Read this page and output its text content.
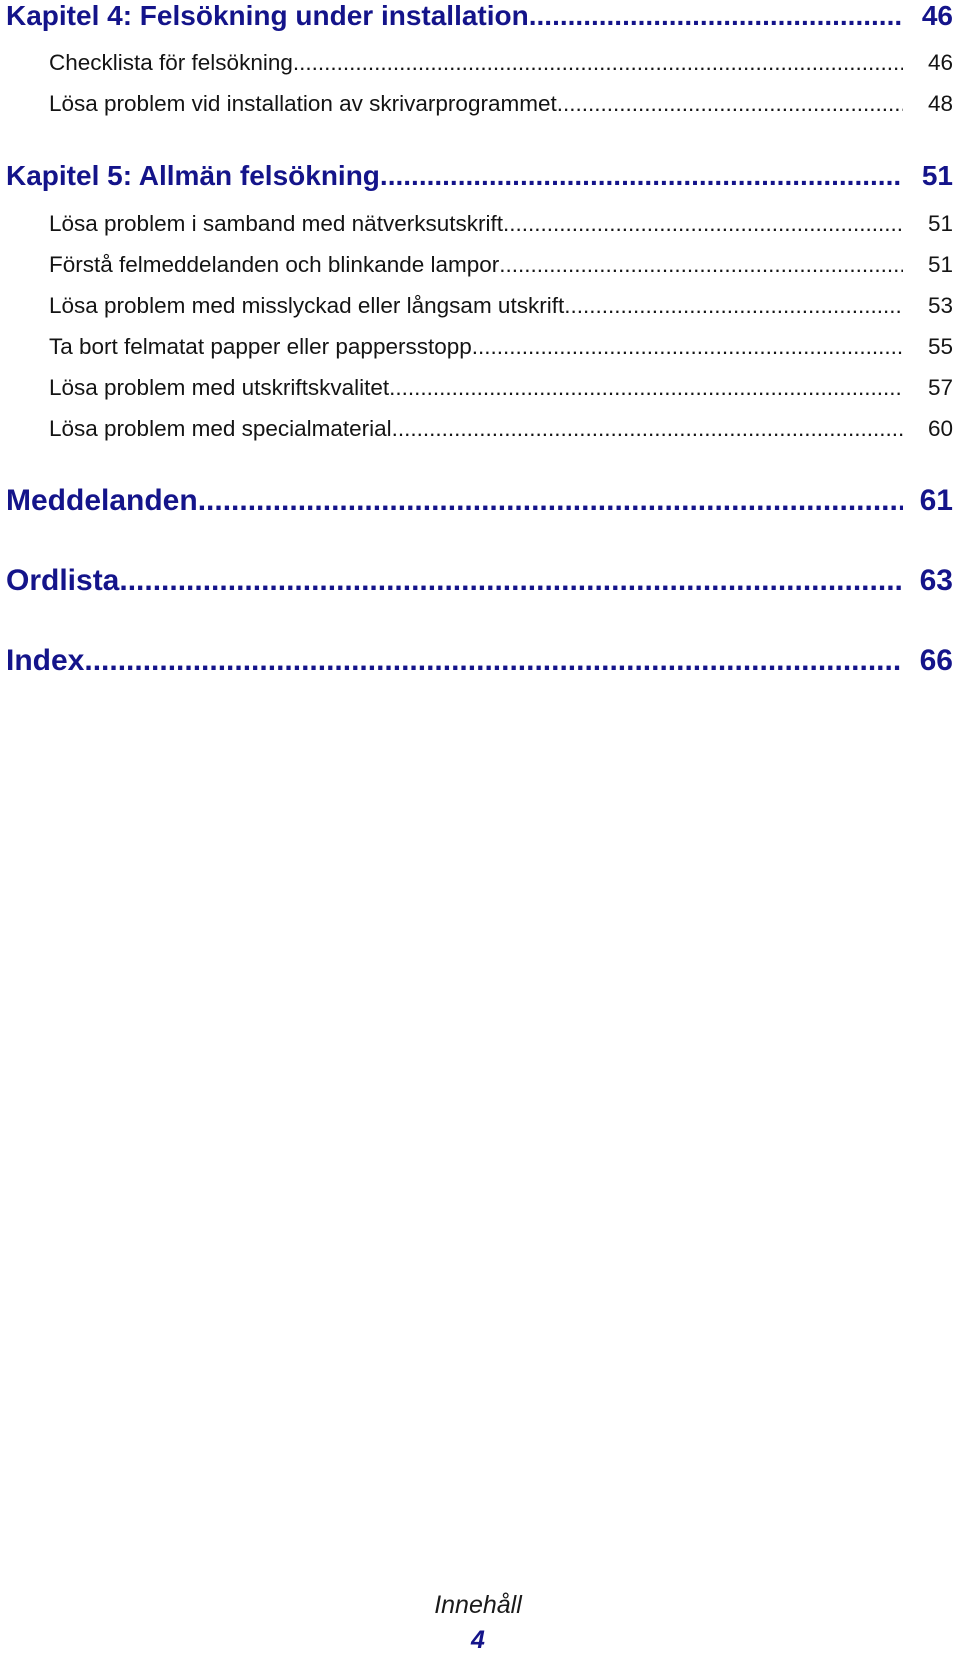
Kapitel 4: Felsökning under installation .....	46
Checklista för felsökning .....	46
Lösa problem vid installation av skrivarprogrammet .....	48
Kapitel 5: Allmän felsökning .....	51
Lösa problem i samband med nätverksutskrift .....	51
Förstå felmeddelanden och blinkande lampor .....	51
Lösa problem med misslyckad eller långsam utskrift .....	53
Ta bort felmatat papper eller pappersstopp .....	55
Lösa problem med utskriftskvalitet .....	57
Lösa problem med specialmaterial .....	60
Meddelanden .....	61
Ordlista .....	63
Index .....	66
Innehåll
4
